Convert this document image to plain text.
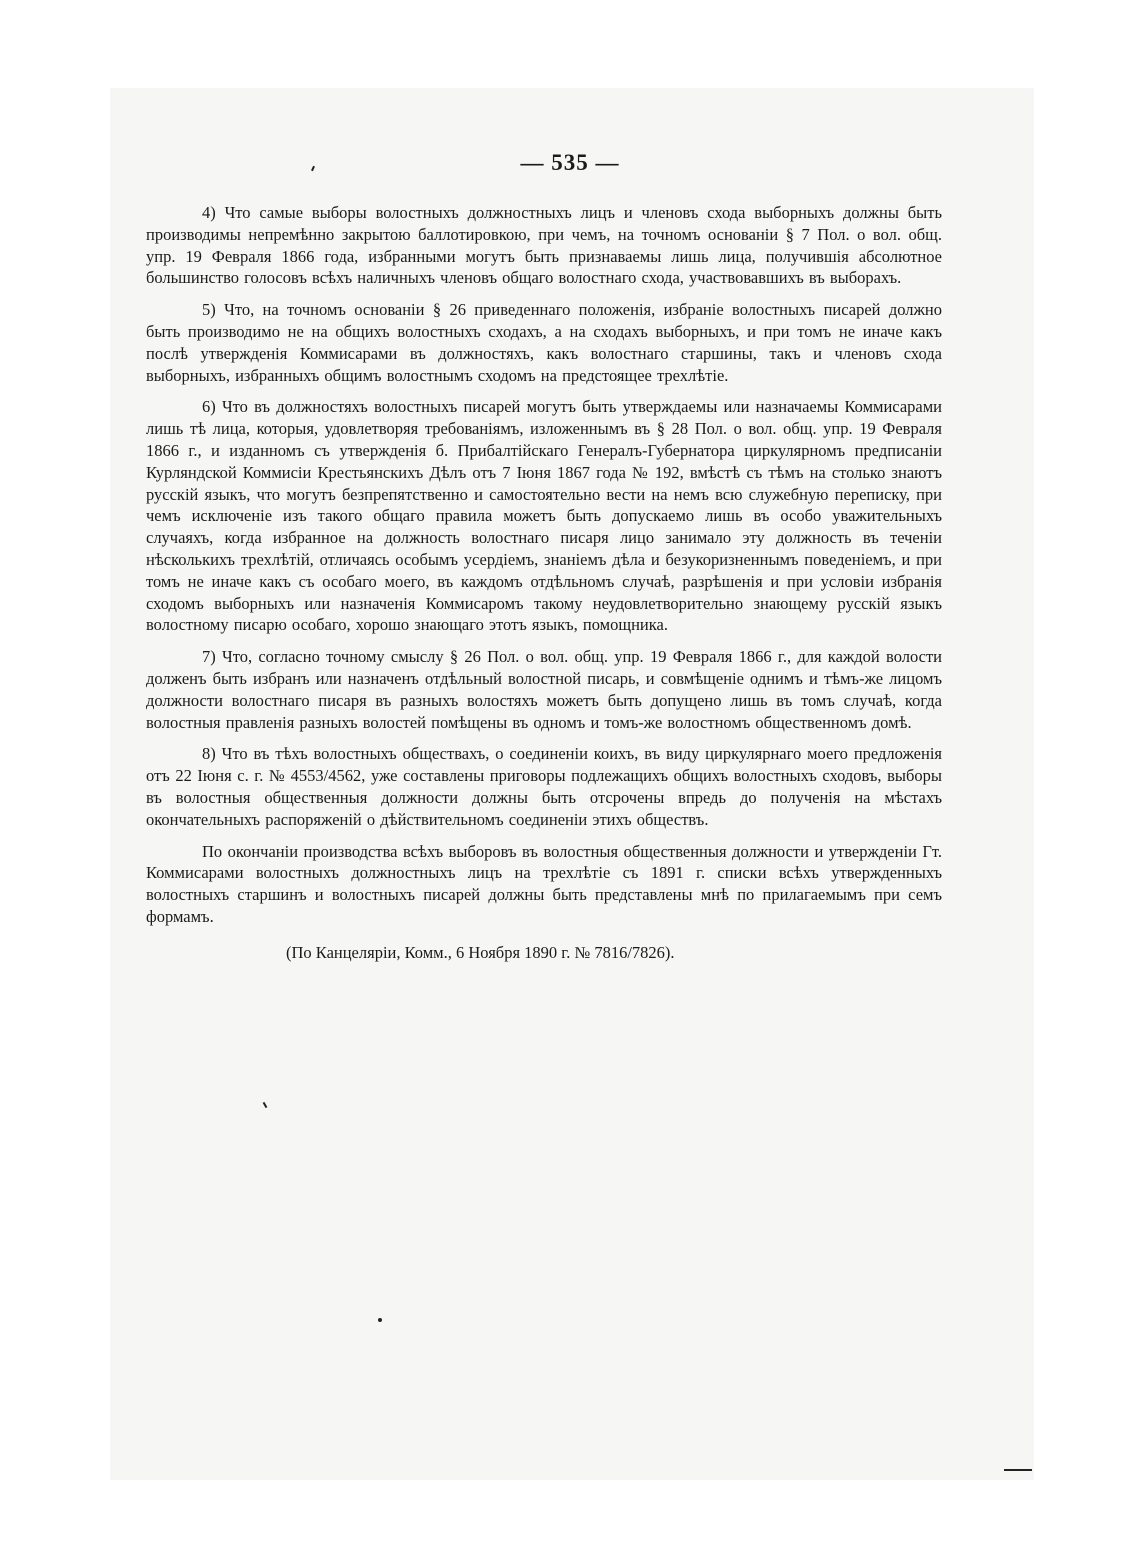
— 535 —

4) Что самые выборы волостныхъ должностныхъ лицъ и членовъ схода выборныхъ должны быть производимы непремѣнно закрытою баллотировкою, при чемъ, на точномъ основаніи § 7 Пол. о вол. общ. упр. 19 Февраля 1866 года, избранными могутъ быть признаваемы лишь лица, получившія абсолютное большинство голосовъ всѣхъ наличныхъ членовъ общаго волостнаго схода, участвовавшихъ въ выборахъ.

5) Что, на точномъ основаніи § 26 приведеннаго положенія, избраніе волостныхъ писарей должно быть производимо не на общихъ волостныхъ сходахъ, а на сходахъ выборныхъ, и при томъ не иначе какъ послѣ утвержденія Коммисарами въ должностяхъ, какъ волостнаго старшины, такъ и членовъ схода выборныхъ, избранныхъ общимъ волостнымъ сходомъ на предстоящее трехлѣтіе.

6) Что въ должностяхъ волостныхъ писарей могутъ быть утверждаемы или назначаемы Коммисарами лишь тѣ лица, которыя, удовлетворяя требованіямъ, изложеннымъ въ § 28 Пол. о вол. общ. упр. 19 Февраля 1866 г., и изданномъ съ утвержденія б. Прибалтійскаго Генералъ-Губернатора циркулярномъ предписаніи Курляндской Коммисіи Крестьянскихъ Дѣлъ отъ 7 Іюня 1867 года № 192, вмѣстѣ съ тѣмъ на столько знаютъ русскій языкъ, что могутъ безпрепятственно и самостоятельно вести на немъ всю служебную переписку, при чемъ исключеніе изъ такого общаго правила можетъ быть допускаемо лишь въ особо уважительныхъ случаяхъ, когда избранное на должность волостнаго писаря лицо занимало эту должность въ теченіи нѣсколькихъ трехлѣтій, отличаясь особымъ усердіемъ, знаніемъ дѣла и безукоризненнымъ поведеніемъ, и при томъ не иначе какъ съ особаго моего, въ каждомъ отдѣльномъ случаѣ, разрѣшенія и при условіи избранія сходомъ выборныхъ или назначенія Коммисаромъ такому неудовлетворительно знающему русскій языкъ волостному писарю особаго, хорошо знающаго этотъ языкъ, помощника.

7) Что, согласно точному смыслу § 26 Пол. о вол. общ. упр. 19 Февраля 1866 г., для каждой волости долженъ быть избранъ или назначенъ отдѣльный волостной писарь, и совмѣщеніе однимъ и тѣмъ-же лицомъ должности волостнаго писаря въ разныхъ волостяхъ можетъ быть допущено лишь въ томъ случаѣ, когда волостныя правленія разныхъ волостей помѣщены въ одномъ и томъ-же волостномъ общественномъ домѣ.

8) Что въ тѣхъ волостныхъ обществахъ, о соединеніи коихъ, въ виду циркулярнаго моего предложенія отъ 22 Іюня с. г. № 4553/4562, уже составлены приговоры подлежащихъ общихъ волостныхъ сходовъ, выборы въ волостныя общественныя должности должны быть отсрочены впредь до полученія на мѣстахъ окончательныхъ распоряженій о дѣйствительномъ соединеніи этихъ обществъ.

По окончаніи производства всѣхъ выборовъ въ волостныя общественныя должности и утвержденіи Гт. Коммисарами волостныхъ должностныхъ лицъ на трехлѣтіе съ 1891 г. списки всѣхъ утвержденныхъ волостныхъ старшинъ и волостныхъ писарей должны быть представлены мнѣ по прилагаемымъ при семъ формамъ.

(По Канцеляріи, Комм., 6 Ноября 1890 г. № 7816/7826).
